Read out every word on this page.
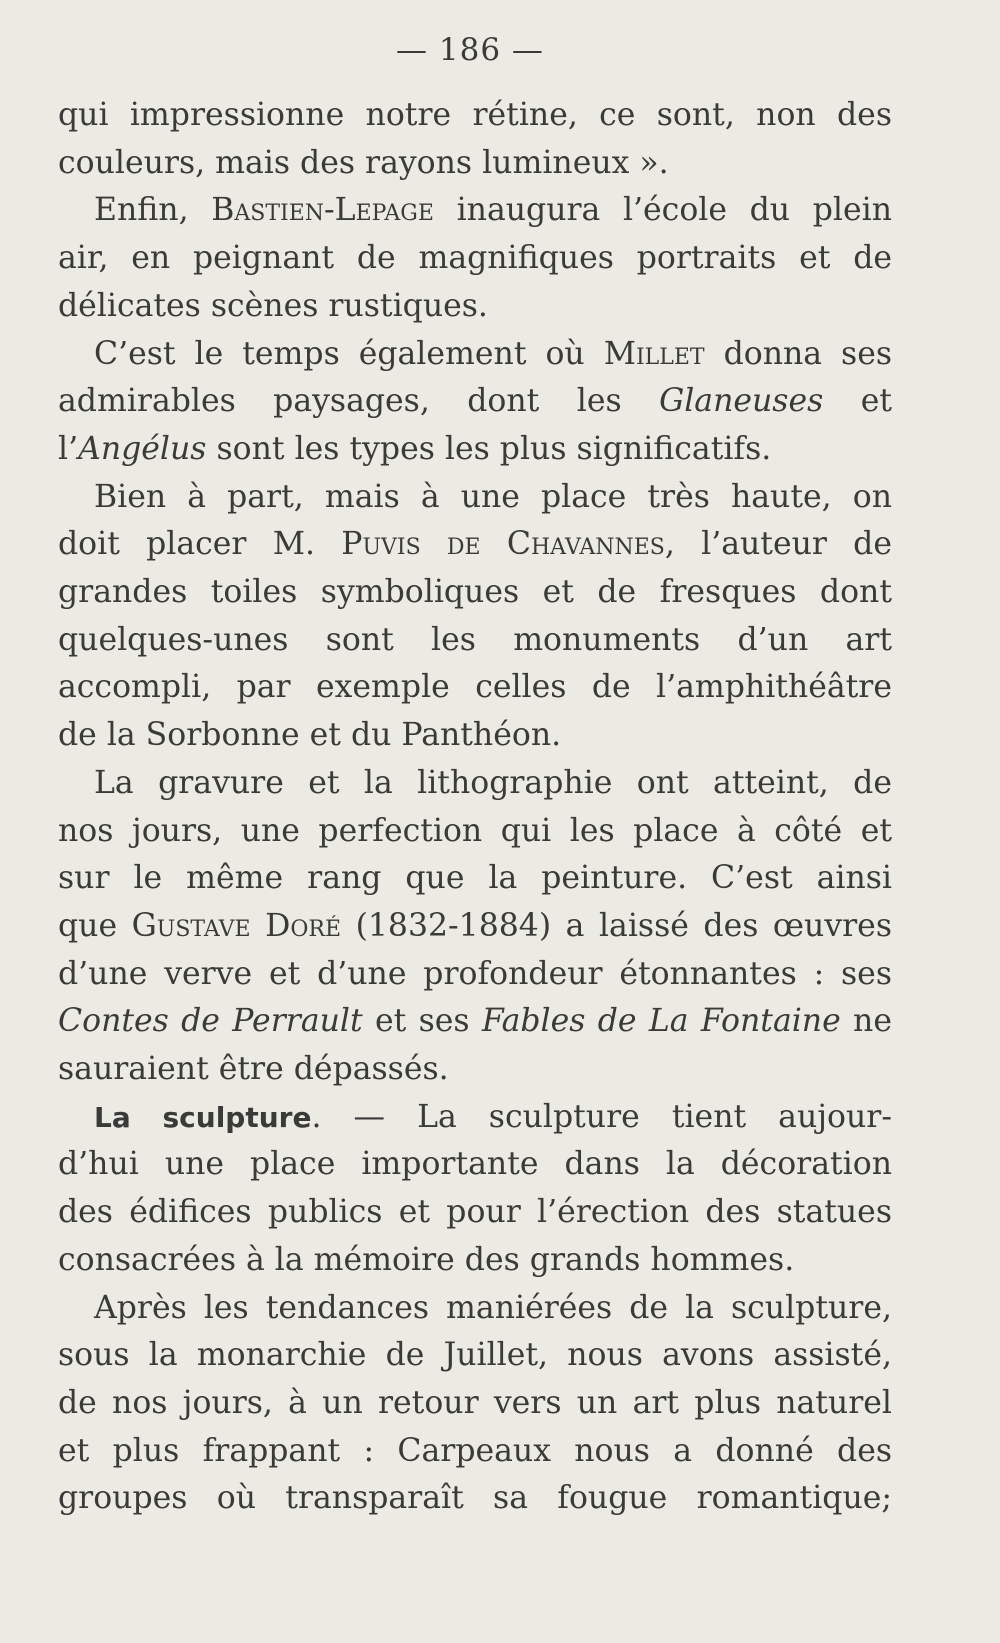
— 186 —
qui impressionne notre rétine, ce sont, non des
couleurs, mais des rayons lumineux ».
Enfin, Bastien-Lepage inaugura l’école du plein
air, en peignant de magnifiques portraits et de
délicates scènes rustiques.
C’est le temps également où Millet donna ses
admirables paysages, dont les Glaneuses et
l’Angélus sont les types les plus significatifs.
Bien à part, mais à une place très haute, on
doit placer M. Puvis de Chavannes, l’auteur de
grandes toiles symboliques et de fresques dont
quelques-unes sont les monuments d’un art
accompli, par exemple celles de l’amphithéâtre
de la Sorbonne et du Panthéon.
La gravure et la lithographie ont atteint, de
nos jours, une perfection qui les place à côté et
sur le même rang que la peinture. C’est ainsi
que Gustave Doré (1832-1884) a laissé des œuvres
d’une verve et d’une profondeur étonnantes : ses
Contes de Perrault et ses Fables de La Fontaine ne
sauraient être dépassés.
La sculpture. — La sculpture tient aujour-
d’hui une place importante dans la décoration
des édifices publics et pour l’érection des statues
consacrées à la mémoire des grands hommes.
Après les tendances maniérées de la sculpture,
sous la monarchie de Juillet, nous avons assisté,
de nos jours, à un retour vers un art plus naturel
et plus frappant : Carpeaux nous a donné des
groupes où transparaît sa fougue romantique;
